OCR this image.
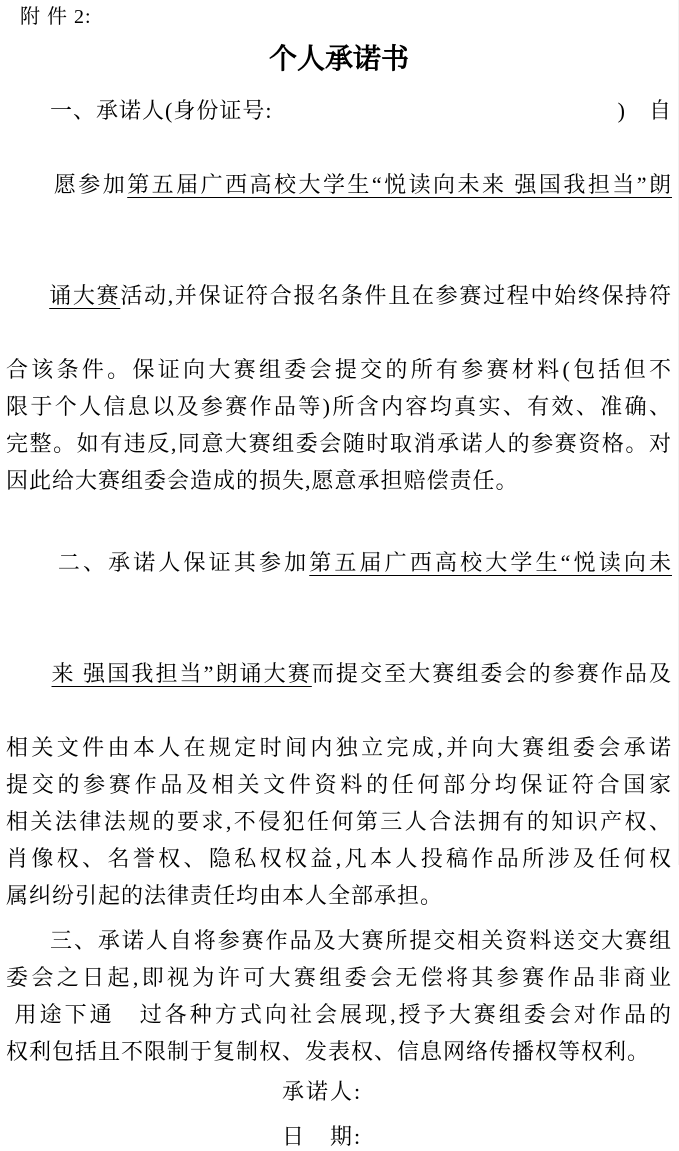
附 件 2:
个人承诺书
一、承诺人(身份证号:	)　自

愿参加第五届广西高校大学生“悦读向未来 强国我担当”朗

诵大赛活动,并保证符合报名条件且在参赛过程中始终保持符

合该条件。保证向大赛组委会提交的所有参赛材料(包括但不
限于个人信息以及参赛作品等)所含内容均真实、有效、准确、
完整。如有违反,同意大赛组委会随时取消承诺人的参赛资格。对
因此给大赛组委会造成的损失,愿意承担赔偿责任。

二、承诺人保证其参加第五届广西高校大学生“悦读向未

来 强国我担当”朗诵大赛而提交至大赛组委会的参赛作品及

相关文件由本人在规定时间内独立完成,并向大赛组委会承诺
提交的参赛作品及相关文件资料的任何部分均保证符合国家
相关法律法规的要求,不侵犯任何第三人合法拥有的知识产权、
肖像权、名誉权、隐私权权益,凡本人投稿作品所涉及任何权
属纠纷引起的法律责任均由本人全部承担。
三、承诺人自将参赛作品及大赛所提交相关资料送交大赛组
委会之日起,即视为许可大赛组委会无偿将其参赛作品非商业
用途下通　过各种方式向社会展现,授予大赛组委会对作品的
权利包括且不限制于复制权、发表权、信息网络传播权等权利。
承诺人:
日　期:
